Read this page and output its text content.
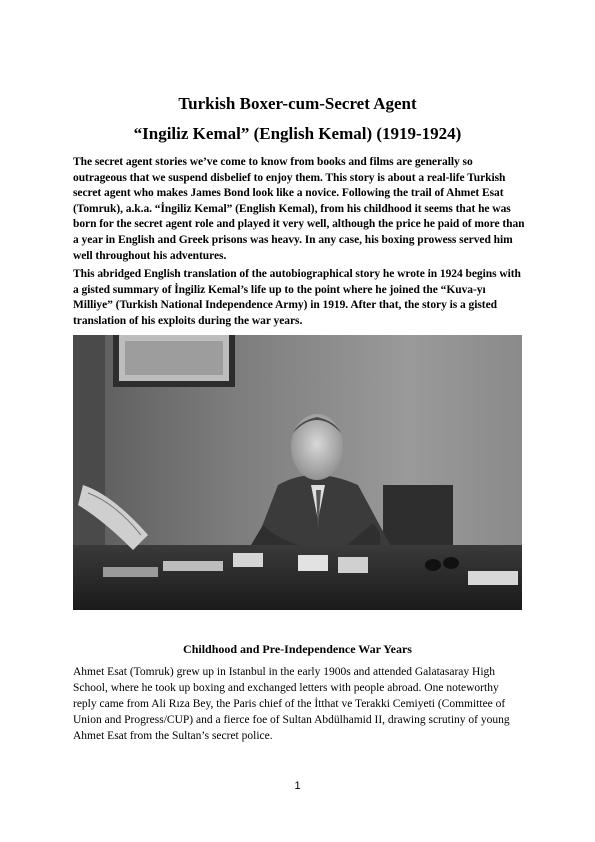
Turkish Boxer-cum-Secret Agent
“Ingiliz Kemal” (English Kemal) (1919-1924)

The secret agent stories we’ve come to know from books and films are generally so outrageous that we suspend disbelief to enjoy them. This story is about a real-life Turkish secret agent who makes James Bond look like a novice. Following the trail of Ahmet Esat (Tomruk), a.k.a. “İngiliz Kemal” (English Kemal), from his childhood it seems that he was born for the secret agent role and played it very well, although the price he paid of more than a year in English and Greek prisons was heavy. In any case, his boxing prowess served him well throughout his adventures.

This abridged English translation of the autobiographical story he wrote in 1924 begins with a gisted summary of İngiliz Kemal’s life up to the point where he joined the “Kuva-yı Milliye” (Turkish National Independence Army) in 1919. After that, the story is a gisted translation of his exploits during the war years.

Childhood and Pre-Independence War Years

Ahmet Esat (Tomruk) grew up in Istanbul in the early 1900s and attended Galatasaray High School, where he took up boxing and exchanged letters with people abroad. One noteworthy reply came from Ali Rıza Bey, the Paris chief of the İtthat ve Terakki Cemiyeti (Committee of Union and Progress/CUP) and a fierce foe of Sultan Abdülhamid II, drawing scrutiny of young Ahmet Esat from the Sultan’s secret police.

1
